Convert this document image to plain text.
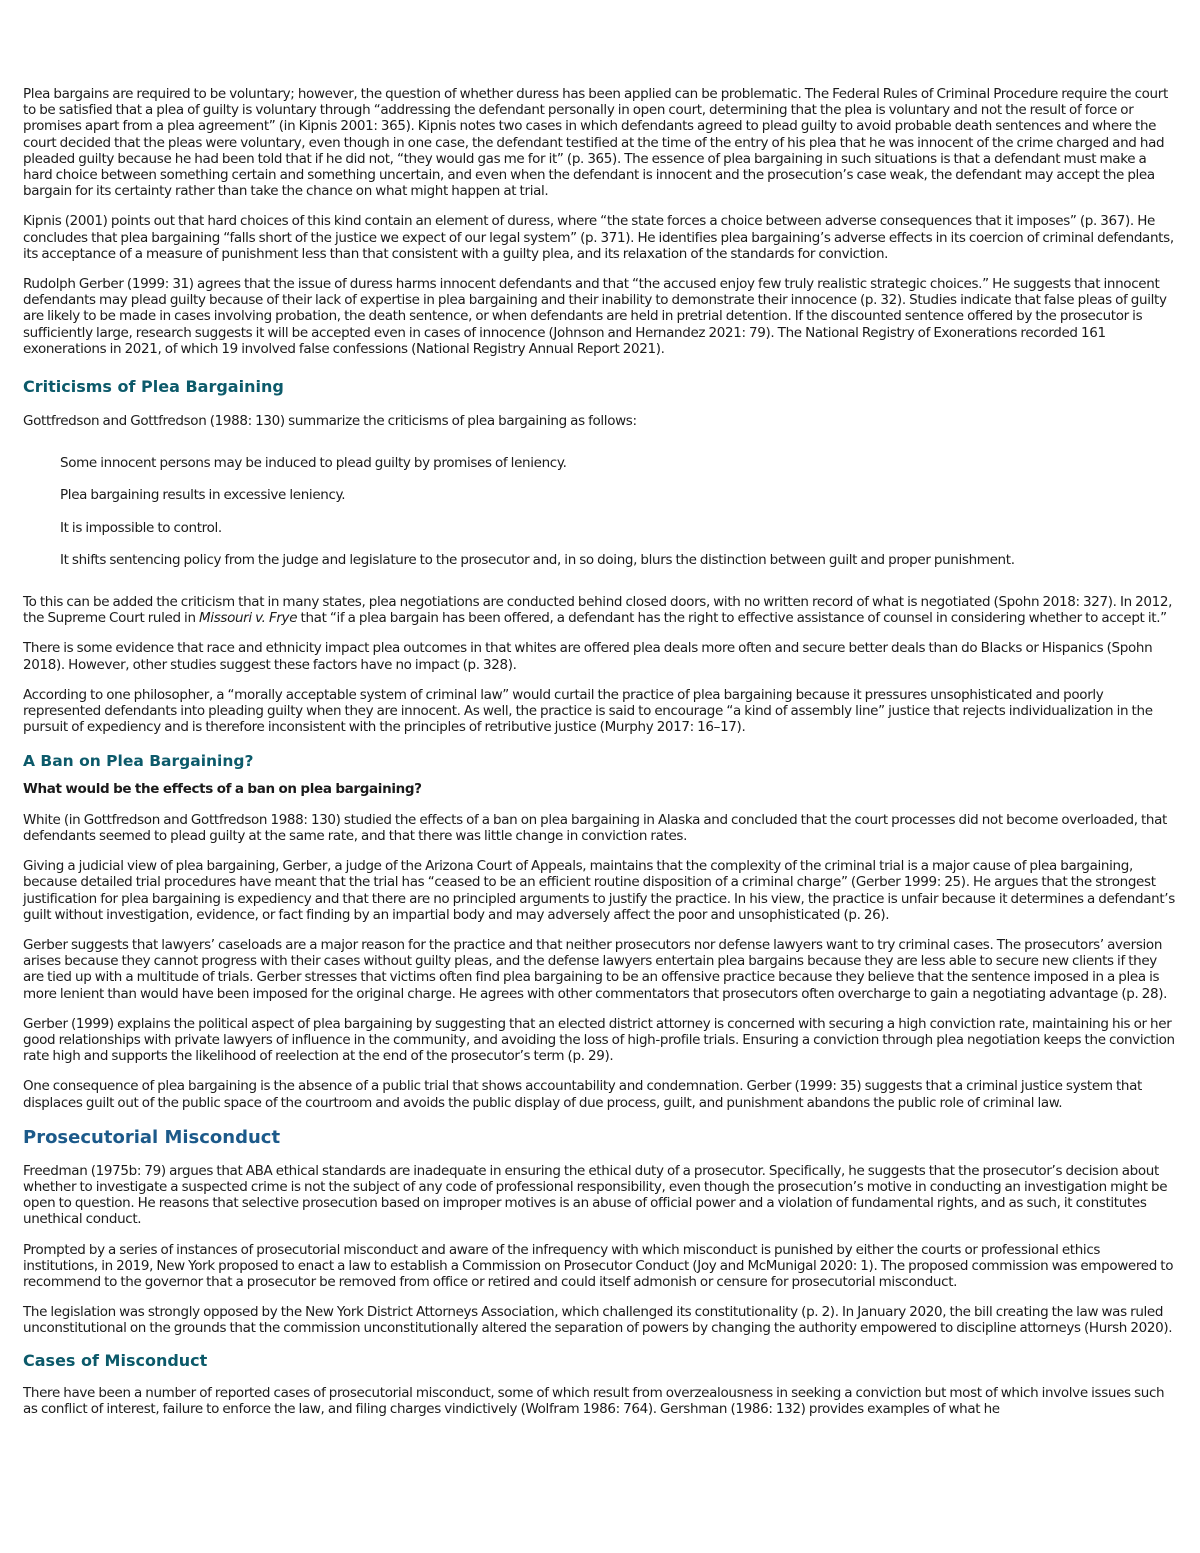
Plea bargains are required to be voluntary; however, the question of whether duress has been applied can be problematic. The Federal Rules of Criminal Procedure require the court to be satisfied that a plea of guilty is voluntary through “addressing the defendant personally in open court, determining that the plea is voluntary and not the result of force or promises apart from a plea agreement” (in Kipnis 2001: 365). Kipnis notes two cases in which defendants agreed to plead guilty to avoid probable death sentences and where the court decided that the pleas were voluntary, even though in one case, the defendant testified at the time of the entry of his plea that he was innocent of the crime charged and had pleaded guilty because he had been told that if he did not, “they would gas me for it” (p. 365). The essence of plea bargaining in such situations is that a defendant must make a hard choice between something certain and something uncertain, and even when the defendant is innocent and the prosecution’s case weak, the defendant may accept the plea bargain for its certainty rather than take the chance on what might happen at trial.

Kipnis (2001) points out that hard choices of this kind contain an element of duress, where “the state forces a choice between adverse consequences that it imposes” (p. 367). He concludes that plea bargaining “falls short of the justice we expect of our legal system” (p. 371). He identifies plea bargaining’s adverse effects in its coercion of criminal defendants, its acceptance of a measure of punishment less than that consistent with a guilty plea, and its relaxation of the standards for conviction.

Rudolph Gerber (1999: 31) agrees that the issue of duress harms innocent defendants and that “the accused enjoy few truly realistic strategic choices.” He suggests that innocent defendants may plead guilty because of their lack of expertise in plea bargaining and their inability to demonstrate their innocence (p. 32). Studies indicate that false pleas of guilty are likely to be made in cases involving probation, the death sentence, or when defendants are held in pretrial detention. If the discounted sentence offered by the prosecutor is sufficiently large, research suggests it will be accepted even in cases of innocence (Johnson and Hernandez 2021: 79). The National Registry of Exonerations recorded 161 exonerations in 2021, of which 19 involved false confessions (National Registry Annual Report 2021).

Criticisms of Plea Bargaining

Gottfredson and Gottfredson (1988: 130) summarize the criticisms of plea bargaining as follows:

Some innocent persons may be induced to plead guilty by promises of leniency.
Plea bargaining results in excessive leniency.
It is impossible to control.
It shifts sentencing policy from the judge and legislature to the prosecutor and, in so doing, blurs the distinction between guilt and proper punishment.

To this can be added the criticism that in many states, plea negotiations are conducted behind closed doors, with no written record of what is negotiated (Spohn 2018: 327). In 2012, the Supreme Court ruled in Missouri v. Frye that “if a plea bargain has been offered, a defendant has the right to effective assistance of counsel in considering whether to accept it.”

There is some evidence that race and ethnicity impact plea outcomes in that whites are offered plea deals more often and secure better deals than do Blacks or Hispanics (Spohn 2018). However, other studies suggest these factors have no impact (p. 328).

According to one philosopher, a “morally acceptable system of criminal law” would curtail the practice of plea bargaining because it pressures unsophisticated and poorly represented defendants into pleading guilty when they are innocent. As well, the practice is said to encourage “a kind of assembly line” justice that rejects individualization in the pursuit of expediency and is therefore inconsistent with the principles of retributive justice (Murphy 2017: 16–17).

A Ban on Plea Bargaining?

What would be the effects of a ban on plea bargaining?

White (in Gottfredson and Gottfredson 1988: 130) studied the effects of a ban on plea bargaining in Alaska and concluded that the court processes did not become overloaded, that defendants seemed to plead guilty at the same rate, and that there was little change in conviction rates.

Giving a judicial view of plea bargaining, Gerber, a judge of the Arizona Court of Appeals, maintains that the complexity of the criminal trial is a major cause of plea bargaining, because detailed trial procedures have meant that the trial has “ceased to be an efficient routine disposition of a criminal charge” (Gerber 1999: 25). He argues that the strongest justification for plea bargaining is expediency and that there are no principled arguments to justify the practice. In his view, the practice is unfair because it determines a defendant’s guilt without investigation, evidence, or fact finding by an impartial body and may adversely affect the poor and unsophisticated (p. 26).

Gerber suggests that lawyers’ caseloads are a major reason for the practice and that neither prosecutors nor defense lawyers want to try criminal cases. The prosecutors’ aversion arises because they cannot progress with their cases without guilty pleas, and the defense lawyers entertain plea bargains because they are less able to secure new clients if they are tied up with a multitude of trials. Gerber stresses that victims often find plea bargaining to be an offensive practice because they believe that the sentence imposed in a plea is more lenient than would have been imposed for the original charge. He agrees with other commentators that prosecutors often overcharge to gain a negotiating advantage (p. 28).

Gerber (1999) explains the political aspect of plea bargaining by suggesting that an elected district attorney is concerned with securing a high conviction rate, maintaining his or her good relationships with private lawyers of influence in the community, and avoiding the loss of high-profile trials. Ensuring a conviction through plea negotiation keeps the conviction rate high and supports the likelihood of reelection at the end of the prosecutor’s term (p. 29).

One consequence of plea bargaining is the absence of a public trial that shows accountability and condemnation. Gerber (1999: 35) suggests that a criminal justice system that displaces guilt out of the public space of the courtroom and avoids the public display of due process, guilt, and punishment abandons the public role of criminal law.

Prosecutorial Misconduct

Freedman (1975b: 79) argues that ABA ethical standards are inadequate in ensuring the ethical duty of a prosecutor. Specifically, he suggests that the prosecutor’s decision about whether to investigate a suspected crime is not the subject of any code of professional responsibility, even though the prosecution’s motive in conducting an investigation might be open to question. He reasons that selective prosecution based on improper motives is an abuse of official power and a violation of fundamental rights, and as such, it constitutes unethical conduct.

Prompted by a series of instances of prosecutorial misconduct and aware of the infrequency with which misconduct is punished by either the courts or professional ethics institutions, in 2019, New York proposed to enact a law to establish a Commission on Prosecutor Conduct (Joy and McMunigal 2020: 1). The proposed commission was empowered to recommend to the governor that a prosecutor be removed from office or retired and could itself admonish or censure for prosecutorial misconduct.

The legislation was strongly opposed by the New York District Attorneys Association, which challenged its constitutionality (p. 2). In January 2020, the bill creating the law was ruled unconstitutional on the grounds that the commission unconstitutionally altered the separation of powers by changing the authority empowered to discipline attorneys (Hursh 2020).

Cases of Misconduct

There have been a number of reported cases of prosecutorial misconduct, some of which result from overzealousness in seeking a conviction but most of which involve issues such as conflict of interest, failure to enforce the law, and filing charges vindictively (Wolfram 1986: 764). Gershman (1986: 132) provides examples of what he
